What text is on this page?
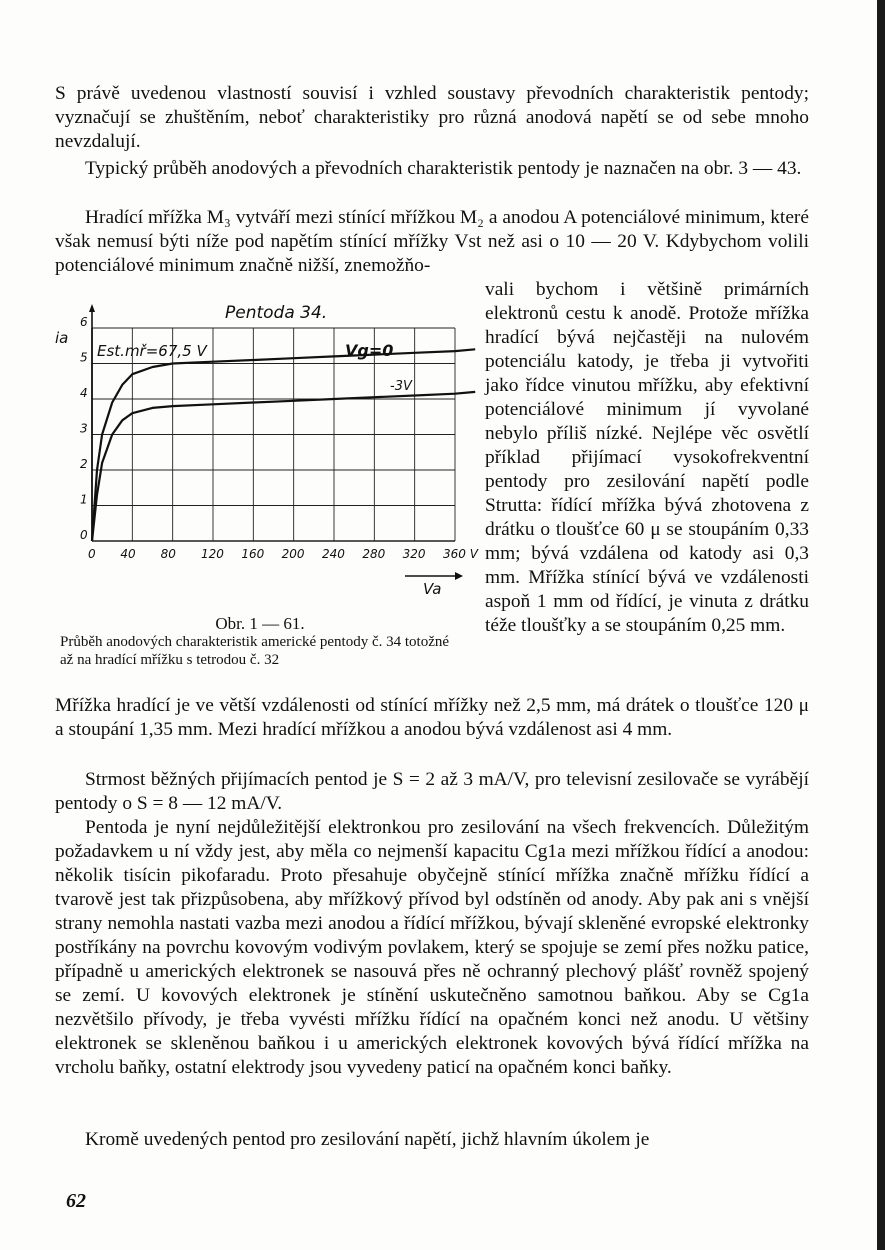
S právě uvedenou vlastností souvisí i vzhled soustavy převodních charakteristik pentody; vyznačují se zhuštěním, neboť charakteristiky pro různá anodová napětí se od sebe mnoho nevzdalují.

Typický průběh anodových a převodních charakteristik pentody je naznačen na obr. 3 — 43.

Hradící mřížka M₃ vytváří mezi stínící mřížkou M₂ a anodou A potenciálové minimum, které však nemusí býti níže pod napětím stínící mřížky Vst než asi o 10 — 20 V. Kdybychom volili potenciálové minimum značně nižší, znemožňo-

vali bychom i většině primárních elektronů cestu k anodě. Protože mřížka hradící bývá nejčastěji na nulovém potenciálu katody, je třeba ji vytvořiti jako řídce vinutou mřížku, aby efektivní potenciálové minimum jí vyvolané nebylo příliš nízké. Nejlépe věc osvětlí příklad přijímací vysokofrekventní pentody pro zesilování napětí podle Strutta: řídící mřížka bývá zhotovena z drátku o tloušťce 60 μ se stoupáním 0,33 mm; bývá vzdálena od katody asi 0,3 mm. Mřížka stínící bývá ve vzdálenosti aspoň 1 mm od řídící, je vinuta z drátku téže tloušťky a se stoupáním 0,25 mm.

0 40 80 120 160 200 240 280 320 360 V
0
1
2
3
4
5
6	Pentoda 34.
Est.mř=67,5 V	Vg=0
-3V
ia
Va
Obr. 1 — 61.
Průběh anodových charakteristik americké pentody č. 34 totožné až na hradící mřížku s tetrodou č. 32

Mřížka hradící je ve větší vzdálenosti od stínící mřížky než 2,5 mm, má drátek o tloušťce 120 μ a stoupání 1,35 mm. Mezi hradící mřížkou a anodou bývá vzdálenost asi 4 mm.

Strmost běžných přijímacích pentod je S = 2 až 3 mA/V, pro televisní zesilovače se vyrábějí pentody o S = 8 — 12 mA/V.

Pentoda je nyní nejdůležitější elektronkou pro zesilování na všech frekvencích. Důležitým požadavkem u ní vždy jest, aby měla co nejmenší kapacitu Cg1a mezi mřížkou řídící a anodou: několik tisícin pikofaradu. Proto přesahuje obyčejně stínící mřížka značně mřížku řídící a tvarově jest tak přizpůsobena, aby mřížkový přívod byl odstíněn od anody. Aby pak ani s vnější strany nemohla nastati vazba mezi anodou a řídící mřížkou, bývají skleněné evropské elektronky postříkány na povrchu kovovým vodivým povlakem, který se spojuje se zemí přes nožku patice, případně u amerických elektronek se nasouvá přes ně ochranný plechový plášť rovněž spojený se zemí. U kovových elektronek je stínění uskutečněno samotnou baňkou. Aby se Cg1a nezvětšilo přívody, je třeba vyvésti mřížku řídící na opačném konci než anodu. U většiny elektronek se skleněnou baňkou i u amerických elektronek kovových bývá řídící mřížka na vrcholu baňky, ostatní elektrody jsou vyvedeny paticí na opačném konci baňky.

Kromě uvedených pentod pro zesilování napětí, jichž hlavním úkolem je

62
